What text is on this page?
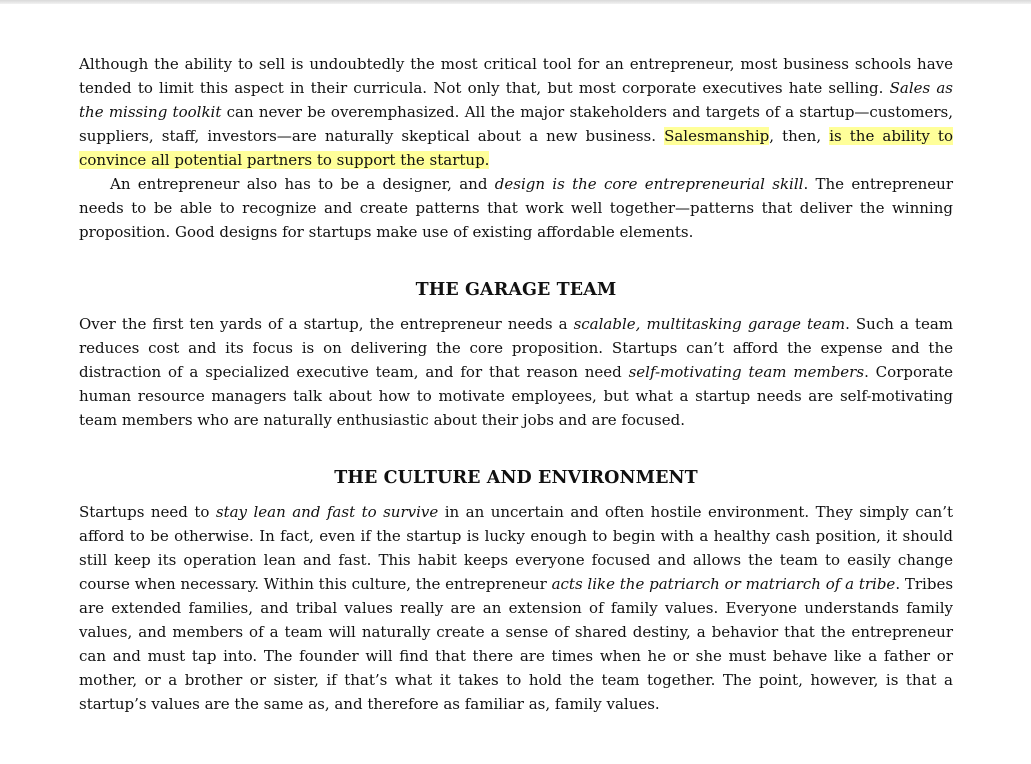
Although the ability to sell is undoubtedly the most critical tool for an entrepreneur, most business schools have tended to limit this aspect in their curricula. Not only that, but most corporate executives hate selling. Sales as the missing toolkit can never be overemphasized. All the major stakeholders and targets of a startup—customers, suppliers, staff, investors—are naturally skeptical about a new business. Salesmanship, then, is the ability to convince all potential partners to support the startup.

An entrepreneur also has to be a designer, and design is the core entrepreneurial skill. The entrepreneur needs to be able to recognize and create patterns that work well together—patterns that deliver the winning proposition. Good designs for startups make use of existing affordable elements.

THE GARAGE TEAM

Over the first ten yards of a startup, the entrepreneur needs a scalable, multitasking garage team. Such a team reduces cost and its focus is on delivering the core proposition. Startups can’t afford the expense and the distraction of a specialized executive team, and for that reason need self-motivating team members. Corporate human resource managers talk about how to motivate employees, but what a startup needs are self-motivating team members who are naturally enthusiastic about their jobs and are focused.

THE CULTURE AND ENVIRONMENT

Startups need to stay lean and fast to survive in an uncertain and often hostile environment. They simply can’t afford to be otherwise. In fact, even if the startup is lucky enough to begin with a healthy cash position, it should still keep its operation lean and fast. This habit keeps everyone focused and allows the team to easily change course when necessary. Within this culture, the entrepreneur acts like the patriarch or matriarch of a tribe. Tribes are extended families, and tribal values really are an extension of family values. Everyone understands family values, and members of a team will naturally create a sense of shared destiny, a behavior that the entrepreneur can and must tap into. The founder will find that there are times when he or she must behave like a father or mother, or a brother or sister, if that’s what it takes to hold the team together. The point, however, is that a startup’s values are the same as, and therefore as familiar as, family values.
